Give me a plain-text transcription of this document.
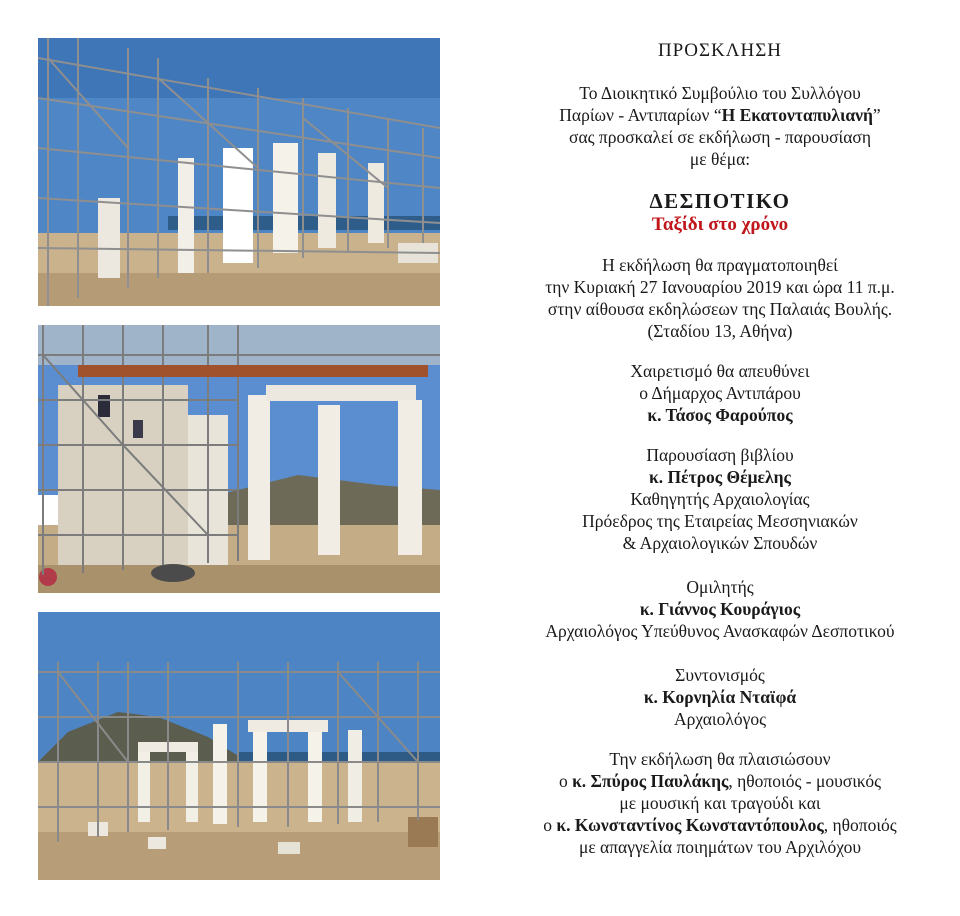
ΠΡΟΣΚΛΗΣΗ
Το Διοικητικό Συμβούλιο του Συλλόγου
Παρίων - Αντιπαρίων “Η Εκατονταπυλιανή”
σας προσκαλεί σε εκδήλωση - παρουσίαση
με θέμα:
ΔΕΣΠΟΤΙΚΟ
Ταξίδι στο χρόνο
Η εκδήλωση θα πραγματοποιηθεί
την Κυριακή 27 Ιανουαρίου 2019 και ώρα 11 π.μ.
στην αίθουσα εκδηλώσεων της Παλαιάς Βουλής.
(Σταδίου 13, Αθήνα)
Χαιρετισμό θα απευθύνει
ο Δήμαρχος Αντιπάρου
κ. Τάσος Φαρούπος
Παρουσίαση βιβλίου
κ. Πέτρος Θέμελης
Καθηγητής Αρχαιολογίας
Πρόεδρος της Εταιρείας Μεσσηνιακών
& Αρχαιολογικών Σπουδών
Ομιλητής
κ. Γιάννος Κουράγιος
Αρχαιολόγος Υπεύθυνος Ανασκαφών Δεσποτικού
Συντονισμός
κ. Κορνηλία Νταϊφά
Αρχαιολόγος
Την εκδήλωση θα πλαισιώσουν
ο κ. Σπύρος Παυλάκης, ηθοποιός - μουσικός
με μουσική και τραγούδι και
ο κ. Κωνσταντίνος Κωνσταντόπουλος, ηθοποιός
με απαγγελία ποιημάτων του Αρχιλόχου
